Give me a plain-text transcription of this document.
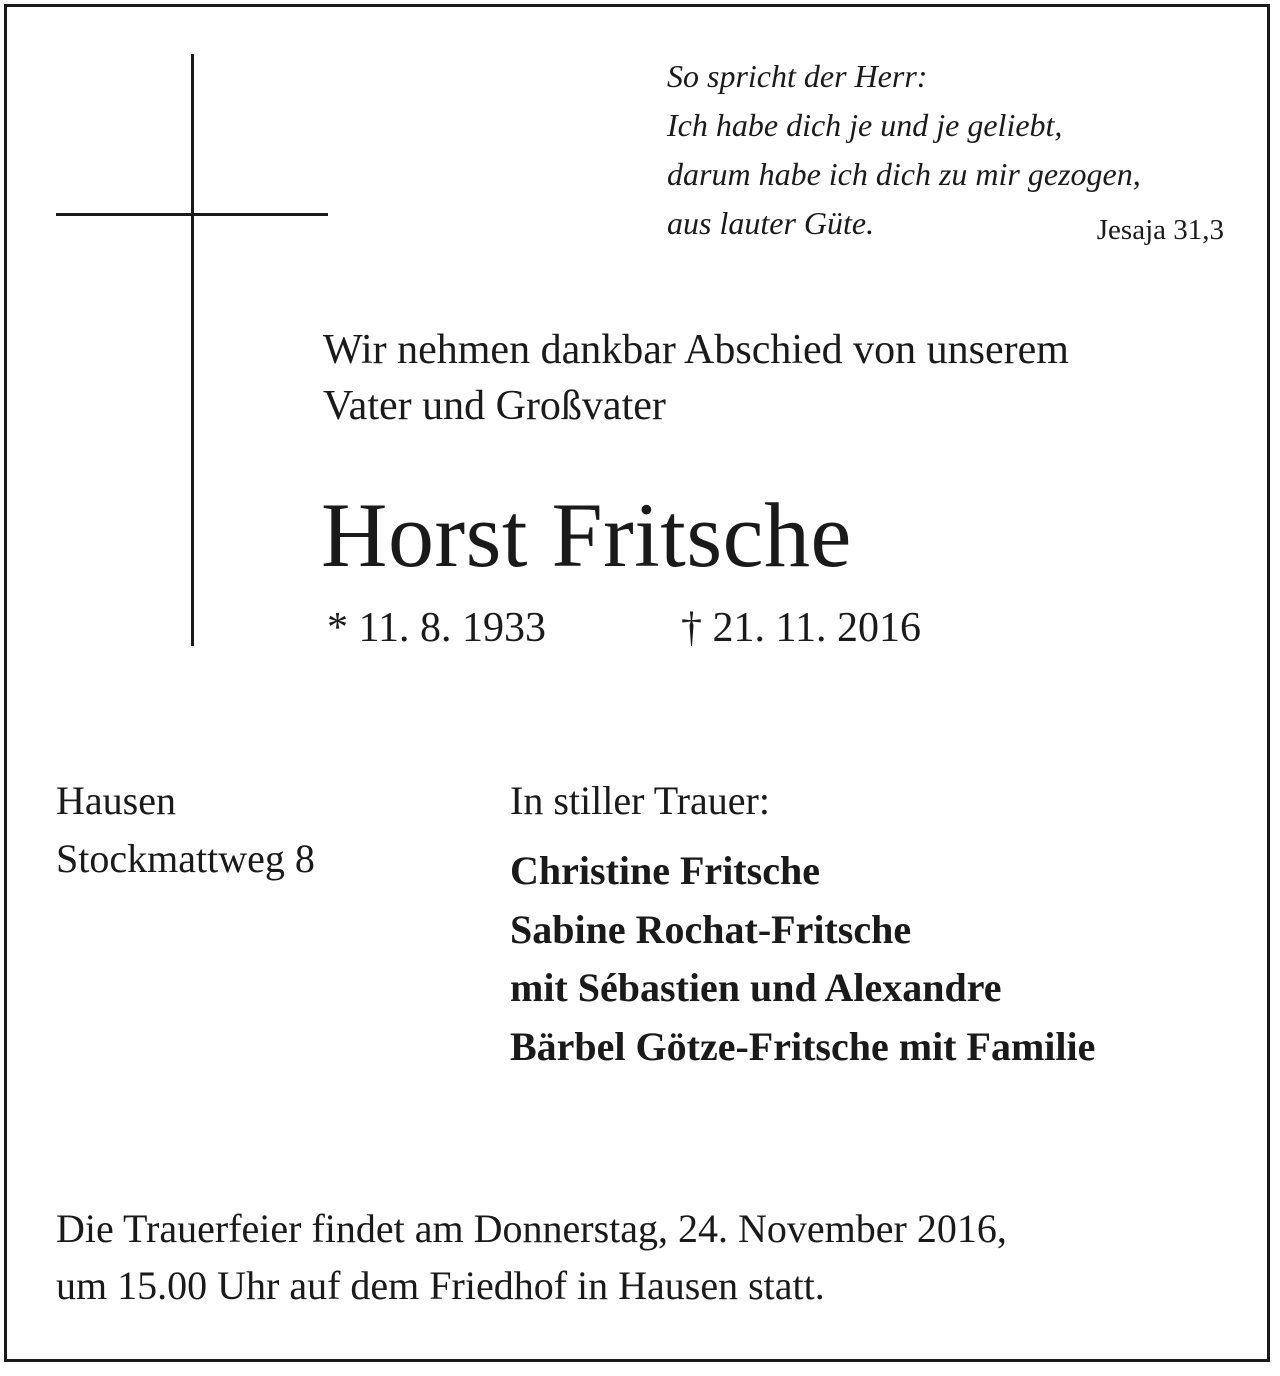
So spricht der Herr:
Ich habe dich je und je geliebt,
darum habe ich dich zu mir gezogen,
aus lauter Güte.	Jesaja 31,3
Wir nehmen dankbar Abschied von unserem
Vater und Großvater
Horst Fritsche
* 11. 8. 1933	† 21. 11. 2016
Hausen
Stockmattweg 8
In stiller Trauer:
Christine Fritsche
Sabine Rochat-Fritsche
mit Sébastien und Alexandre
Bärbel Götze-Fritsche mit Familie
Die Trauerfeier findet am Donnerstag, 24. November 2016,
um 15.00 Uhr auf dem Friedhof in Hausen statt.
